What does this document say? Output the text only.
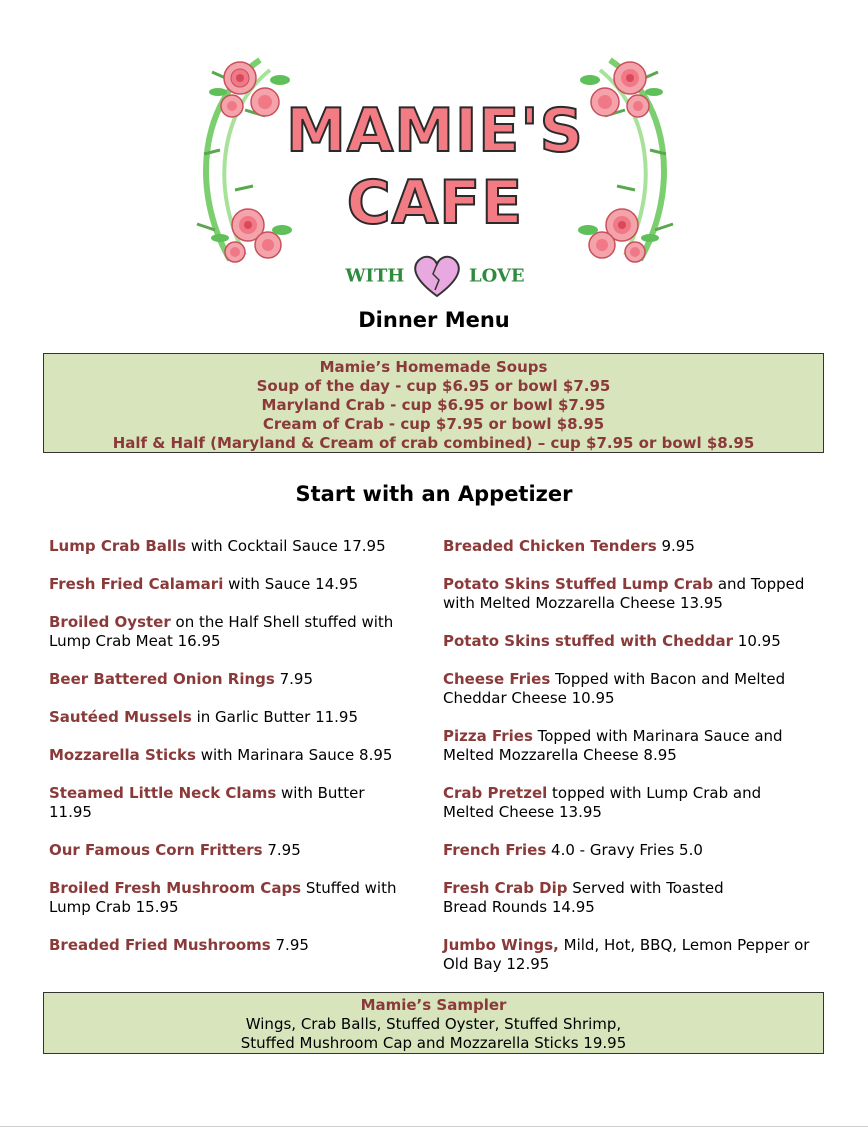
MAMIE'S
CAFE
WITH	LOVE
Dinner Menu
Mamie’s Homemade Soups
Soup of the day - cup $6.95 or bowl $7.95
Maryland Crab - cup $6.95 or bowl $7.95
Cream of Crab - cup $7.95 or bowl $8.95
Half & Half (Maryland & Cream of crab combined) – cup $7.95 or bowl $8.95
Start with an Appetizer
Lump Crab Balls with Cocktail Sauce 17.95
Fresh Fried Calamari with Sauce 14.95
Broiled Oyster on the Half Shell stuffed with Lump Crab Meat 16.95
Beer Battered Onion Rings 7.95
Sautéed Mussels in Garlic Butter 11.95
Mozzarella Sticks with Marinara Sauce 8.95
Steamed Little Neck Clams with Butter 11.95
Our Famous Corn Fritters 7.95
Broiled Fresh Mushroom Caps Stuffed with Lump Crab 15.95
Breaded Fried Mushrooms 7.95
Breaded Chicken Tenders 9.95
Potato Skins Stuffed Lump Crab and Topped with Melted Mozzarella Cheese 13.95
Potato Skins stuffed with Cheddar 10.95
Cheese Fries Topped with Bacon and Melted Cheddar Cheese 10.95
Pizza Fries Topped with Marinara Sauce and Melted Mozzarella Cheese 8.95
Crab Pretzel topped with Lump Crab and Melted Cheese 13.95
French Fries 4.0 - Gravy Fries 5.0
Fresh Crab Dip Served with Toasted Bread Rounds 14.95
Jumbo Wings, Mild, Hot, BBQ, Lemon Pepper or Old Bay 12.95
Mamie’s Sampler
Wings, Crab Balls, Stuffed Oyster, Stuffed Shrimp,
Stuffed Mushroom Cap and Mozzarella Sticks 19.95
